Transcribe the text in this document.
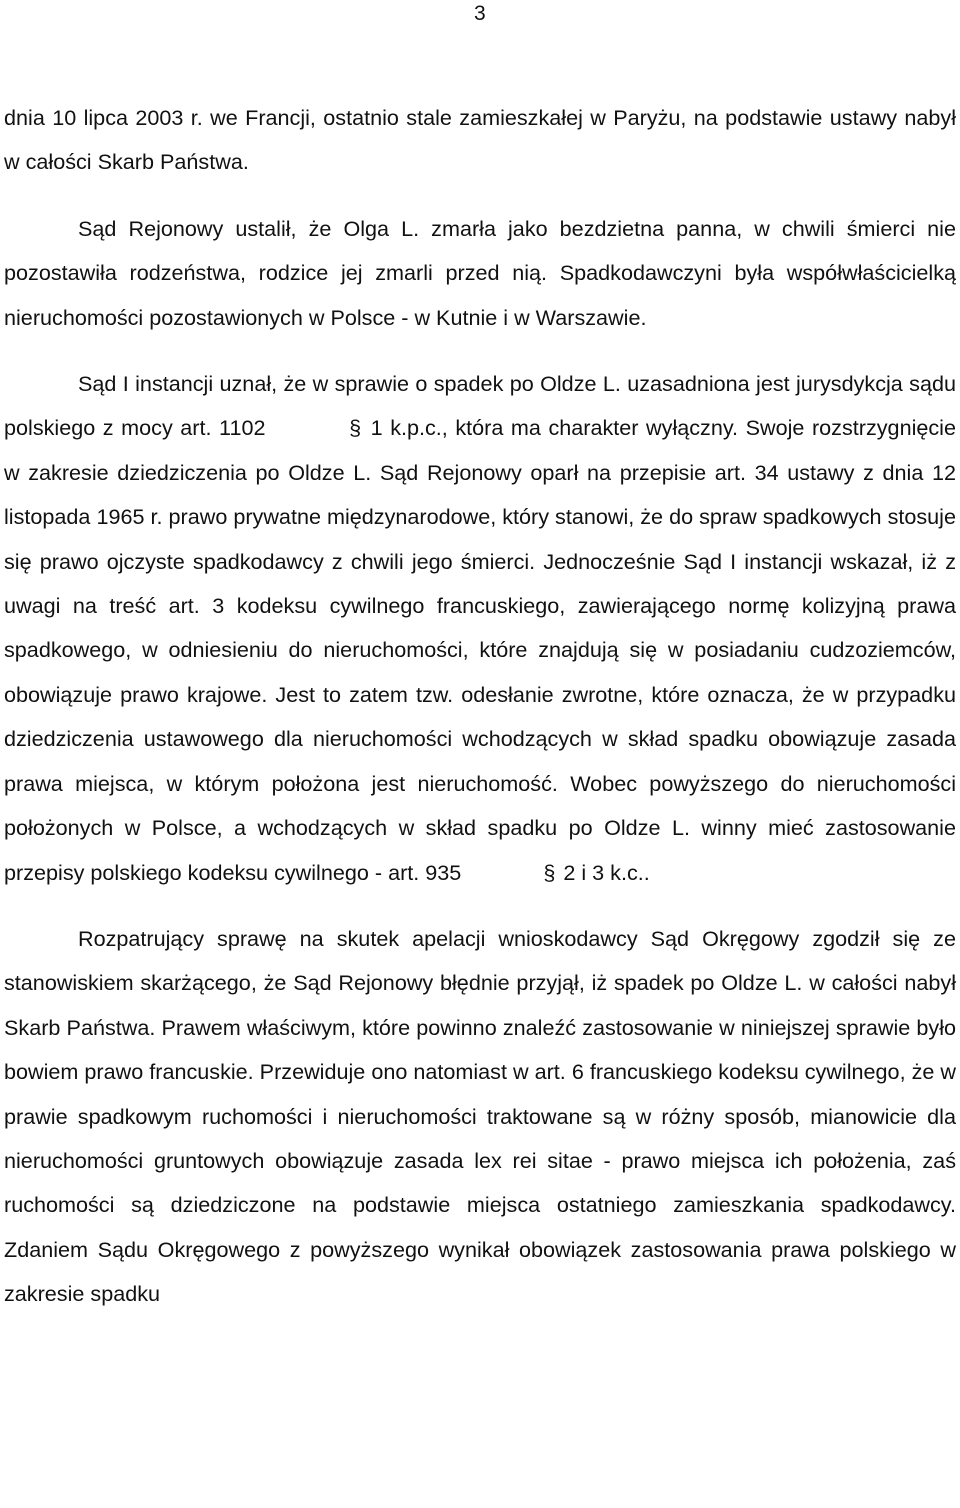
3

dnia 10 lipca 2003 r. we Francji, ostatnio stale zamieszkałej w Paryżu, na podstawie ustawy nabył w całości Skarb Państwa.

Sąd Rejonowy ustalił, że Olga L. zmarła jako bezdzietna panna, w chwili śmierci nie pozostawiła rodzeństwa, rodzice jej zmarli przed nią. Spadkodawczyni była współwłaścicielką nieruchomości pozostawionych w Polsce - w Kutnie i w Warszawie.

Sąd I instancji uznał, że w sprawie o spadek po Oldze L. uzasadniona jest jurysdykcja sądu polskiego z mocy art. 1102	§ 1 k.p.c., która ma charakter wyłączny. Swoje rozstrzygnięcie w zakresie dziedziczenia po Oldze L. Sąd Rejonowy oparł na przepisie art. 34 ustawy z dnia 12 listopada 1965 r. prawo prywatne międzynarodowe, który stanowi, że do spraw spadkowych stosuje się prawo ojczyste spadkodawcy z chwili jego śmierci. Jednocześnie Sąd I instancji wskazał, iż z uwagi na treść art. 3 kodeksu cywilnego francuskiego, zawierającego normę kolizyjną prawa spadkowego, w odniesieniu do nieruchomości, które znajdują się w posiadaniu cudzoziemców, obowiązuje prawo krajowe. Jest to zatem tzw. odesłanie zwrotne, które oznacza, że w przypadku dziedziczenia ustawowego dla nieruchomości wchodzących w skład spadku obowiązuje zasada prawa miejsca, w którym położona jest nieruchomość. Wobec powyższego do nieruchomości położonych w Polsce, a wchodzących w skład spadku po Oldze L. winny mieć zastosowanie przepisy polskiego kodeksu cywilnego - art. 935	§ 2 i 3 k.c..

Rozpatrujący sprawę na skutek apelacji wnioskodawcy Sąd Okręgowy zgodził się ze stanowiskiem skarżącego, że Sąd Rejonowy błędnie przyjął, iż spadek po Oldze L. w całości nabył Skarb Państwa. Prawem właściwym, które powinno znaleźć zastosowanie w niniejszej sprawie było bowiem prawo francuskie. Przewiduje ono natomiast w art. 6 francuskiego kodeksu cywilnego, że w prawie spadkowym ruchomości i nieruchomości traktowane są w różny sposób, mianowicie dla nieruchomości gruntowych obowiązuje zasada lex rei sitae - prawo miejsca ich położenia, zaś ruchomości są dziedziczone na podstawie miejsca ostatniego zamieszkania spadkodawcy. Zdaniem Sądu Okręgowego z powyższego wynikał obowiązek zastosowania prawa polskiego w zakresie spadku
